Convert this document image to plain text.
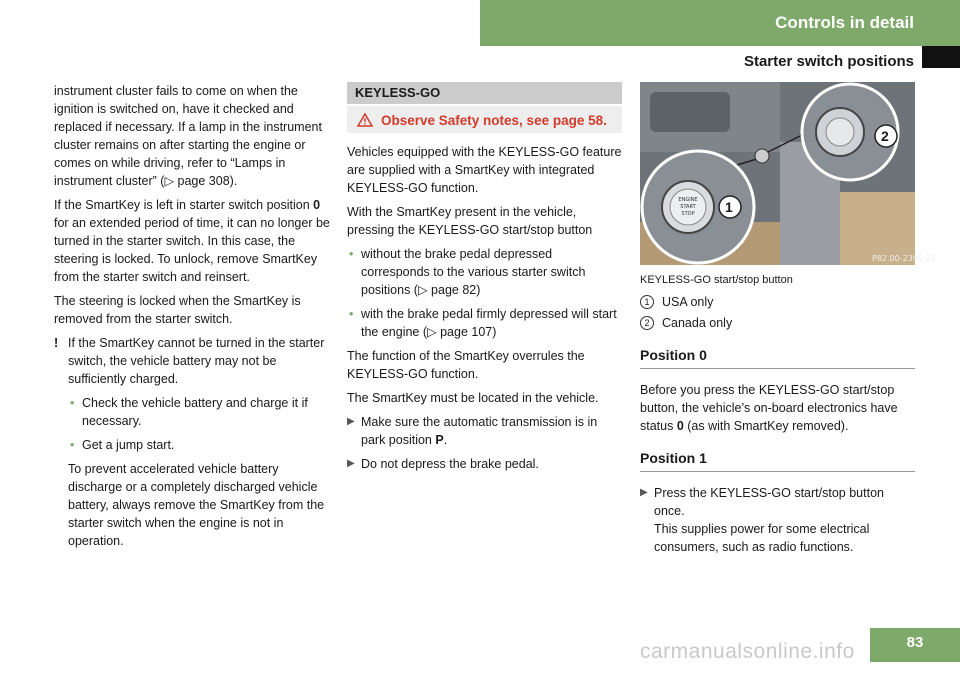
Controls in detail
Starter switch positions

instrument cluster fails to come on when the ignition is switched on, have it checked and replaced if necessary. If a lamp in the instrument cluster remains on after starting the engine or comes on while driving, refer to “Lamps in instrument cluster” (▷ page 308).

If the SmartKey is left in starter switch position 0 for an extended period of time, it can no longer be turned in the starter switch. In this case, the steering is locked. To unlock, remove SmartKey from the starter switch and reinsert.

The steering is locked when the SmartKey is removed from the starter switch.

! If the SmartKey cannot be turned in the starter switch, the vehicle battery may not be sufficiently charged.
• Check the vehicle battery and charge it if necessary.
• Get a jump start.

To prevent accelerated vehicle battery discharge or a completely discharged vehicle battery, always remove the SmartKey from the starter switch when the engine is not in operation.

KEYLESS-GO
Observe Safety notes, see page 58.

Vehicles equipped with the KEYLESS-GO feature are supplied with a SmartKey with integrated KEYLESS-GO function.

With the SmartKey present in the vehicle, pressing the KEYLESS-GO start/stop button

• without the brake pedal depressed corresponds to the various starter switch positions (▷ page 82)
• with the brake pedal firmly depressed will start the engine (▷ page 107)

The function of the SmartKey overrules the KEYLESS-GO function.

The SmartKey must be located in the vehicle.

▶ Make sure the automatic transmission is in park position P.
▶ Do not depress the brake pedal.
ENGINE
START
STOP
P82.00-2395-31
1
2
KEYLESS-GO start/stop button
1	USA only
2	Canada only
Position 0

Before you press the KEYLESS-GO start/stop button, the vehicle’s on-board electronics have status 0 (as with SmartKey removed).

Position 1
▶ Press the KEYLESS-GO start/stop button once.
This supplies power for some electrical consumers, such as radio functions.
83
carmanualsonline.info
